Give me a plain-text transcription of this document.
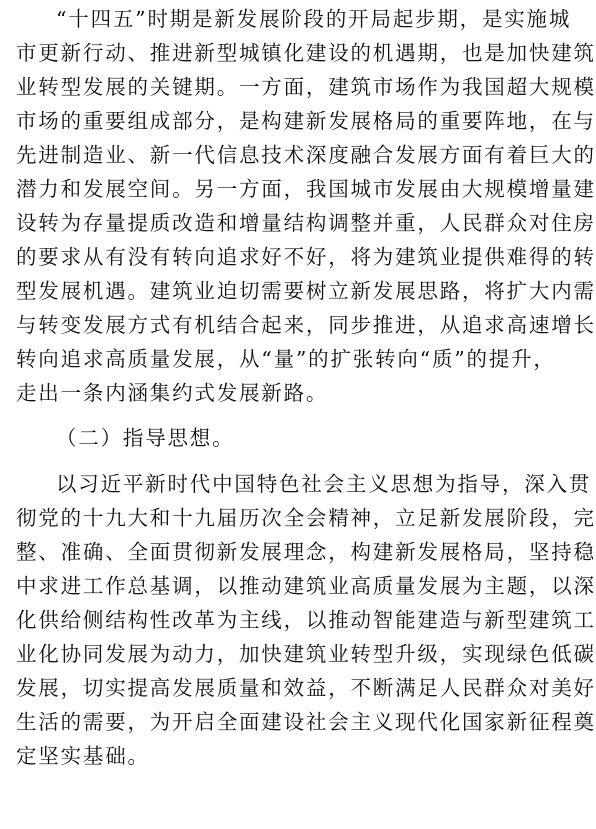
“十四五”时期是新发展阶段的开局起步期，是实施城
市更新行动、推进新型城镇化建设的机遇期，也是加快建筑
业转型发展的关键期。一方面，建筑市场作为我国超大规模
市场的重要组成部分，是构建新发展格局的重要阵地，在与
先进制造业、新一代信息技术深度融合发展方面有着巨大的
潜力和发展空间。另一方面，我国城市发展由大规模增量建
设转为存量提质改造和增量结构调整并重，人民群众对住房
的要求从有没有转向追求好不好，将为建筑业提供难得的转
型发展机遇。建筑业迫切需要树立新发展思路，将扩大内需
与转变发展方式有机结合起来，同步推进，从追求高速增长
转向追求高质量发展，从“量”的扩张转向“质”的提升，
走出一条内涵集约式发展新路。
（二）指导思想。
以习近平新时代中国特色社会主义思想为指导，深入贯
彻党的十九大和十九届历次全会精神，立足新发展阶段，完
整、准确、全面贯彻新发展理念，构建新发展格局，坚持稳
中求进工作总基调，以推动建筑业高质量发展为主题，以深
化供给侧结构性改革为主线，以推动智能建造与新型建筑工
业化协同发展为动力，加快建筑业转型升级，实现绿色低碳
发展，切实提高发展质量和效益，不断满足人民群众对美好
生活的需要，为开启全面建设社会主义现代化国家新征程奠
定坚实基础。
